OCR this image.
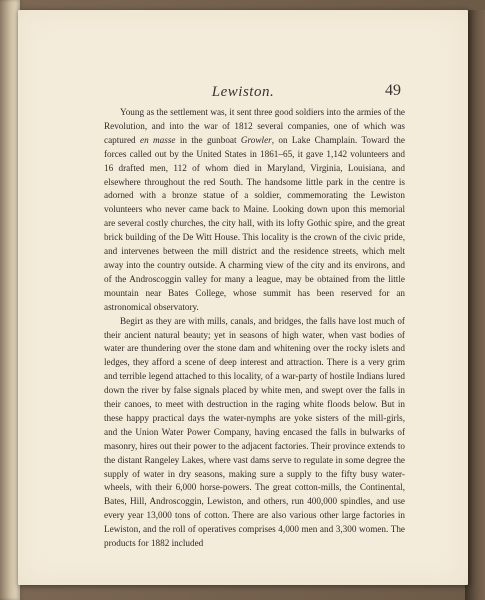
Lewiston.	49

Young as the settlement was, it sent three good soldiers into the armies of the Revolution, and into the war of 1812 several companies, one of which was captured en masse in the gunboat Growler, on Lake Champlain. Toward the forces called out by the United States in 1861–65, it gave 1,142 volunteers and 16 drafted men, 112 of whom died in Maryland, Virginia, Louisiana, and elsewhere throughout the red South. The handsome little park in the centre is adorned with a bronze statue of a soldier, commemorating the Lewiston volunteers who never came back to Maine. Looking down upon this memorial are several costly churches, the city hall, with its lofty Gothic spire, and the great brick building of the De Witt House. This locality is the crown of the civic pride, and intervenes between the mill district and the residence streets, which melt away into the country outside. A charming view of the city and its environs, and of the Androscoggin valley for many a league, may be obtained from the little mountain near Bates College, whose summit has been reserved for an astronomical observatory.

Begirt as they are with mills, canals, and bridges, the falls have lost much of their ancient natural beauty; yet in seasons of high water, when vast bodies of water are thundering over the stone dam and whitening over the rocky islets and ledges, they afford a scene of deep interest and attraction. There is a very grim and terrible legend attached to this locality, of a war-party of hostile Indians lured down the river by false signals placed by white men, and swept over the falls in their canoes, to meet with destruction in the raging white floods below. But in these happy practical days the water-nymphs are yoke sisters of the mill-girls, and the Union Water Power Company, having encased the falls in bulwarks of masonry, hires out their power to the adjacent factories. Their province extends to the distant Rangeley Lakes, where vast dams serve to regulate in some degree the supply of water in dry seasons, making sure a supply to the fifty busy water-wheels, with their 6,000 horse-powers. The great cotton-mills, the Continental, Bates, Hill, Androscoggin, Lewiston, and others, run 400,000 spindles, and use every year 13,000 tons of cotton. There are also various other large factories in Lewiston, and the roll of operatives comprises 4,000 men and 3,300 women. The products for 1882 included
